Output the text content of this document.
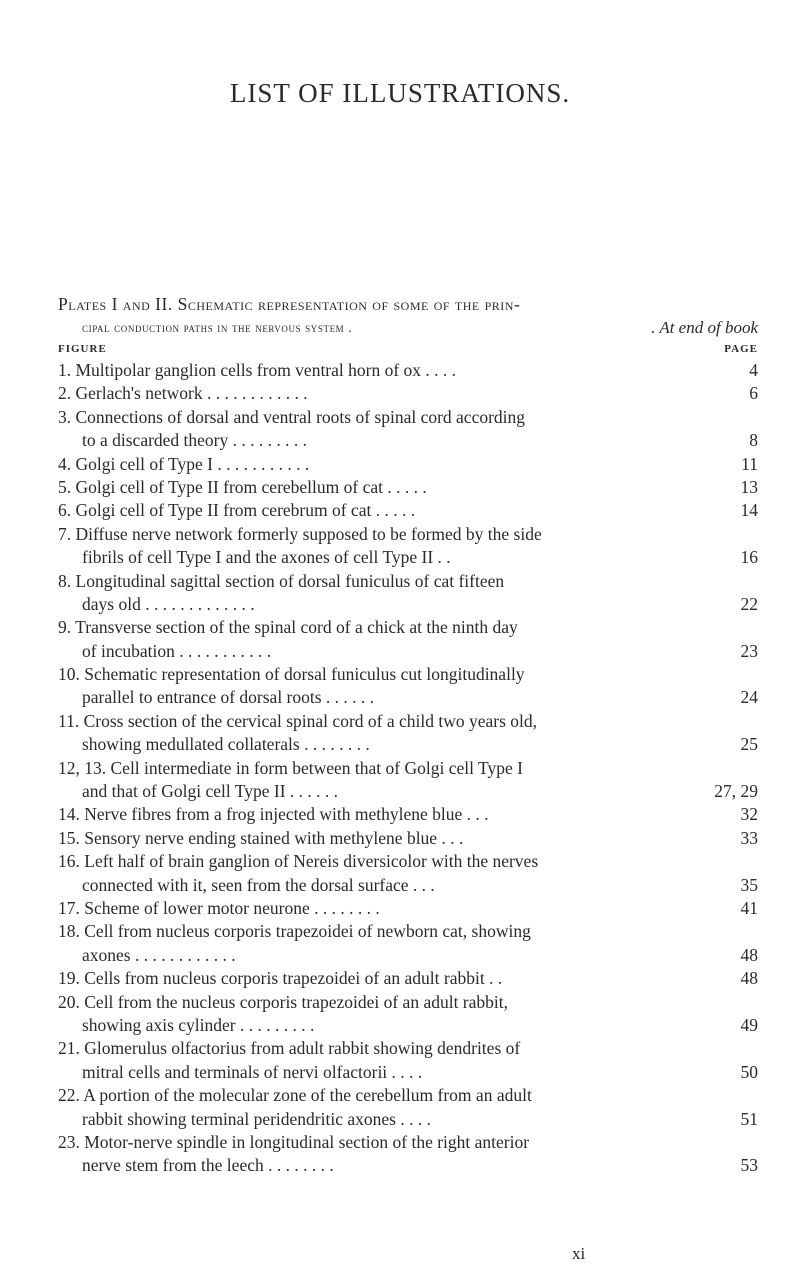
LIST OF ILLUSTRATIONS.
Plates I and II. Schematic representation of some of the prin-
cipal conduction paths in the nervous system .	. At end of book
FIGURE	PAGE
1. Multipolar ganglion cells from ventral horn of ox . . . .	4
2. Gerlach's network . . . . . . . . . . . .	6
3. Connections of dorsal and ventral roots of spinal cord according
to a discarded theory . . . . . . . . .	8
4. Golgi cell of Type I . . . . . . . . . . .	11
5. Golgi cell of Type II from cerebellum of cat . . . . .	13
6. Golgi cell of Type II from cerebrum of cat . . . . .	14
7. Diffuse nerve network formerly supposed to be formed by the side
fibrils of cell Type I and the axones of cell Type II . .	16
8. Longitudinal sagittal section of dorsal funiculus of cat fifteen
days old . . . . . . . . . . . . .	22
9. Transverse section of the spinal cord of a chick at the ninth day
of incubation . . . . . . . . . . .	23
10. Schematic representation of dorsal funiculus cut longitudinally
parallel to entrance of dorsal roots . . . . . .	24
11. Cross section of the cervical spinal cord of a child two years old,
showing medullated collaterals . . . . . . . .	25
12, 13. Cell intermediate in form between that of Golgi cell Type I
and that of Golgi cell Type II . . . . . .	27, 29
14. Nerve fibres from a frog injected with methylene blue . . .	32
15. Sensory nerve ending stained with methylene blue . . .	33
16. Left half of brain ganglion of Nereis diversicolor with the nerves
connected with it, seen from the dorsal surface . . .	35
17. Scheme of lower motor neurone . . . . . . . .	41
18. Cell from nucleus corporis trapezoidei of newborn cat, showing
axones . . . . . . . . . . . .	48
19. Cells from nucleus corporis trapezoidei of an adult rabbit . .	48
20. Cell from the nucleus corporis trapezoidei of an adult rabbit,
showing axis cylinder . . . . . . . . .	49
21. Glomerulus olfactorius from adult rabbit showing dendrites of
mitral cells and terminals of nervi olfactorii . . . .	50
22. A portion of the molecular zone of the cerebellum from an adult
rabbit showing terminal peridendritic axones . . . .	51
23. Motor-nerve spindle in longitudinal section of the right anterior
nerve stem from the leech . . . . . . . .	53
xi
